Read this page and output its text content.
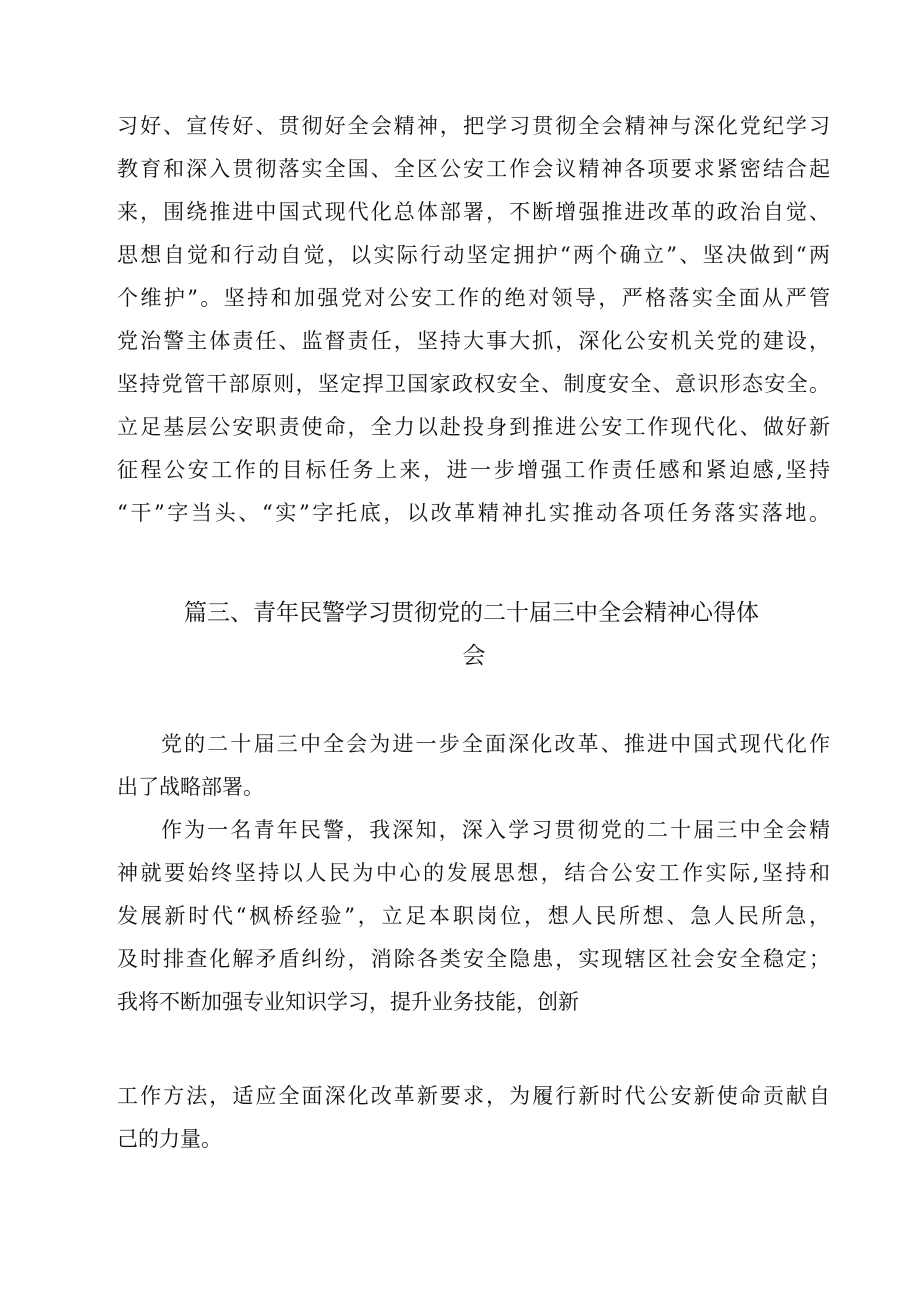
习好、宣传好、贯彻好全会精神，把学习贯彻全会精神与深化党纪学习
教育和深入贯彻落实全国、全区公安工作会议精神各项要求紧密结合起
来，围绕推进中国式现代化总体部署，不断增强推进改革的政治自觉、
思想自觉和行动自觉，以实际行动坚定拥护“两个确立”、坚决做到“两
个维护”。坚持和加强党对公安工作的绝对领导，严格落实全面从严管
党治警主体责任、监督责任，坚持大事大抓，深化公安机关党的建设，
坚持党管干部原则，坚定捍卫国家政权安全、制度安全、意识形态安全。
立足基层公安职责使命，全力以赴投身到推进公安工作现代化、做好新
征程公安工作的目标任务上来，进一步增强工作责任感和紧迫感,坚持
“干”字当头、“实”字托底，以改革精神扎实推动各项任务落实落地。
篇三、青年民警学习贯彻党的二十届三中全会精神心得体
会
党的二十届三中全会为进一步全面深化改革、推进中国式现代化作
出了战略部署。
作为一名青年民警，我深知，深入学习贯彻党的二十届三中全会精
神就要始终坚持以人民为中心的发展思想，结合公安工作实际,坚持和
发展新时代“枫桥经验”，立足本职岗位，想人民所想、急人民所急，
及时排查化解矛盾纠纷，消除各类安全隐患，实现辖区社会安全稳定；
我将不断加强专业知识学习，提升业务技能，创新
工作方法，适应全面深化改革新要求，为履行新时代公安新使命贡献自
己的力量。
